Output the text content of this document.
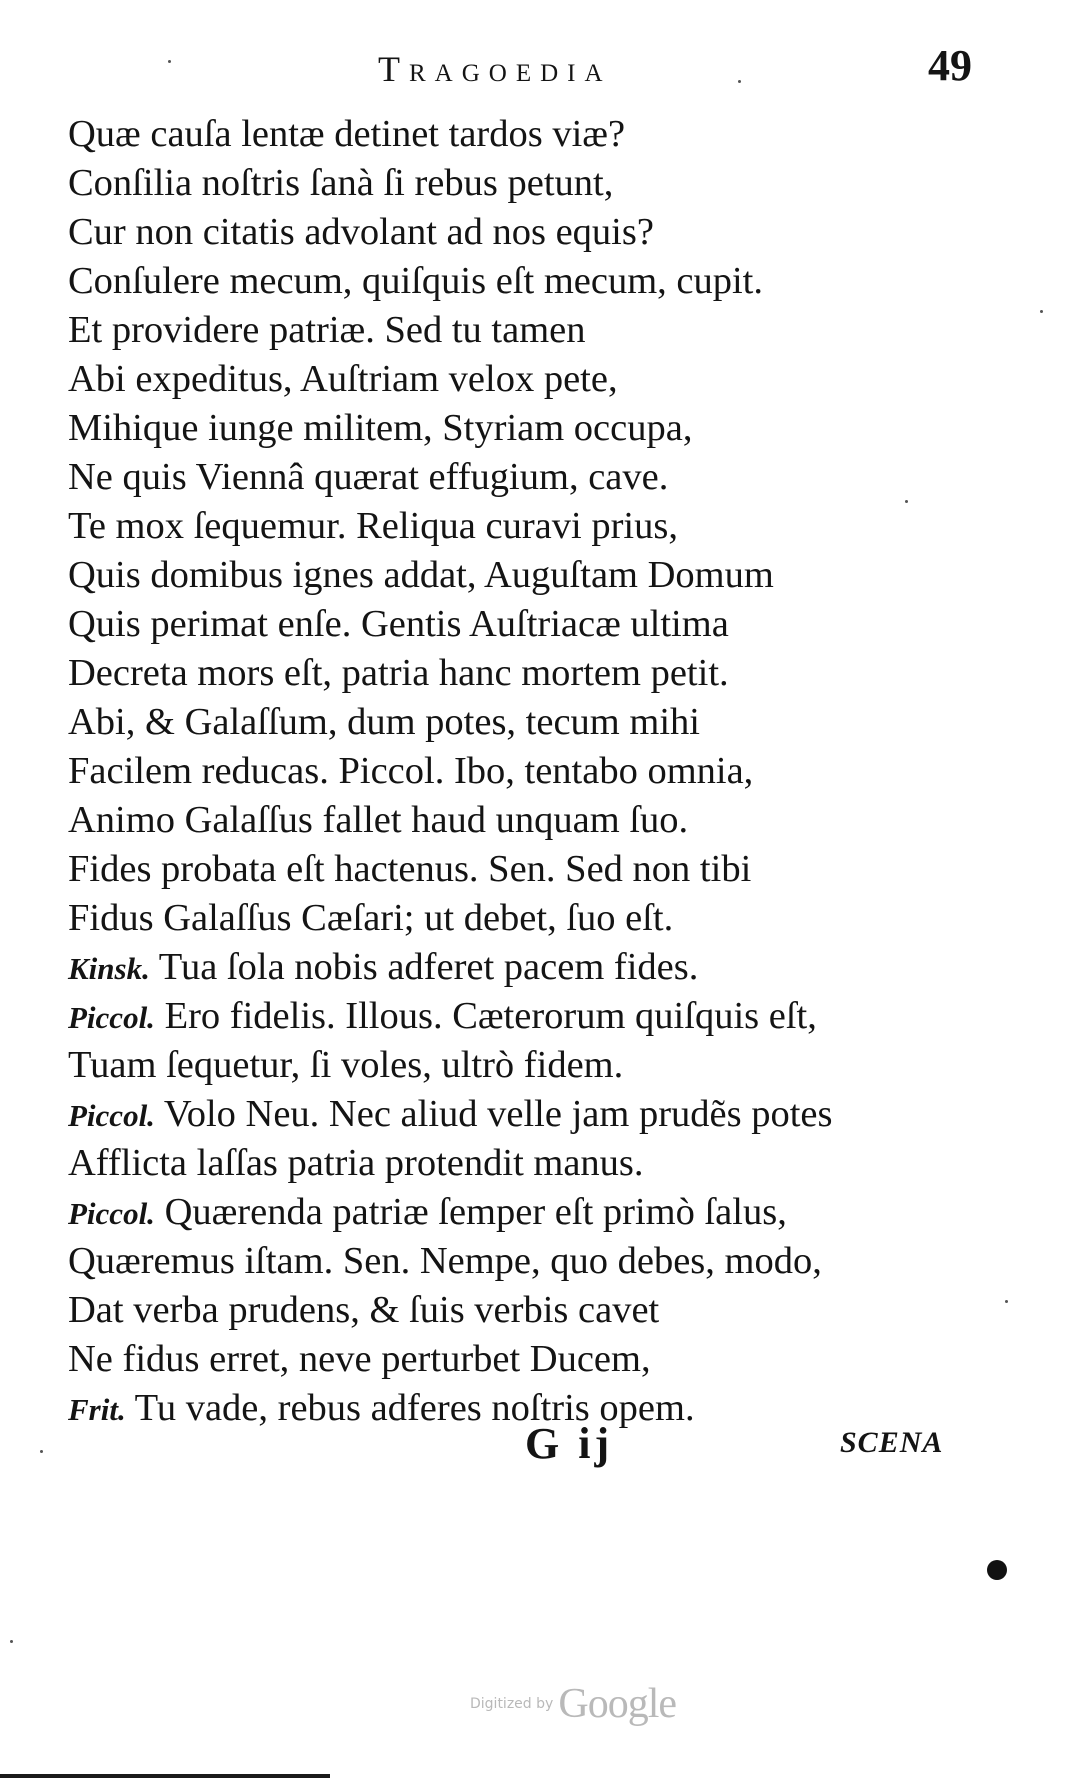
Tragoedia	49
Quæ cauſa lentæ detinet tardos viæ?
Conſilia noſtris ſanà ſi rebus petunt,
Cur non citatis advolant ad nos equis?
Conſulere mecum, quiſquis eſt mecum, cupit.
Et providere patriæ. Sed tu tamen
Abi expeditus, Auſtriam velox pete,
Mihique iunge militem, Styriam occupa,
Ne quis Viennâ quærat effugium, cave.
Te mox ſequemur. Reliqua curavi prius,
Quis domibus ignes addat, Auguſtam Domum
Quis perimat enſe. Gentis Auſtriacæ ultima
Decreta mors eſt, patria hanc mortem petit.
Abi, & Galaſſum, dum potes, tecum mihi
Facilem reducas. Piccol. Ibo, tentabo omnia,
Animo Galaſſus fallet haud unquam ſuo.
Fides probata eſt hactenus. Sen. Sed non tibi
Fidus Galaſſus Cæſari; ut debet, ſuo eſt.
Kinsk. Tua ſola nobis adferet pacem fides.
Piccol. Ero fidelis. Illous. Cæterorum quiſquis eſt,
Tuam ſequetur, ſi voles, ultrò fidem.
Piccol. Volo Neu. Nec aliud velle jam prudẽs potes
Afflicta laſſas patria protendit manus.
Piccol. Quærenda patriæ ſemper eſt primò ſalus,
Quæremus iſtam. Sen. Nempe, quo debes, modo,
Dat verba prudens, & ſuis verbis cavet
Ne fidus erret, neve perturbet Ducem,
Frit. Tu vade, rebus adferes noſtris opem.
G ij	SCENA
Digitized by Google
